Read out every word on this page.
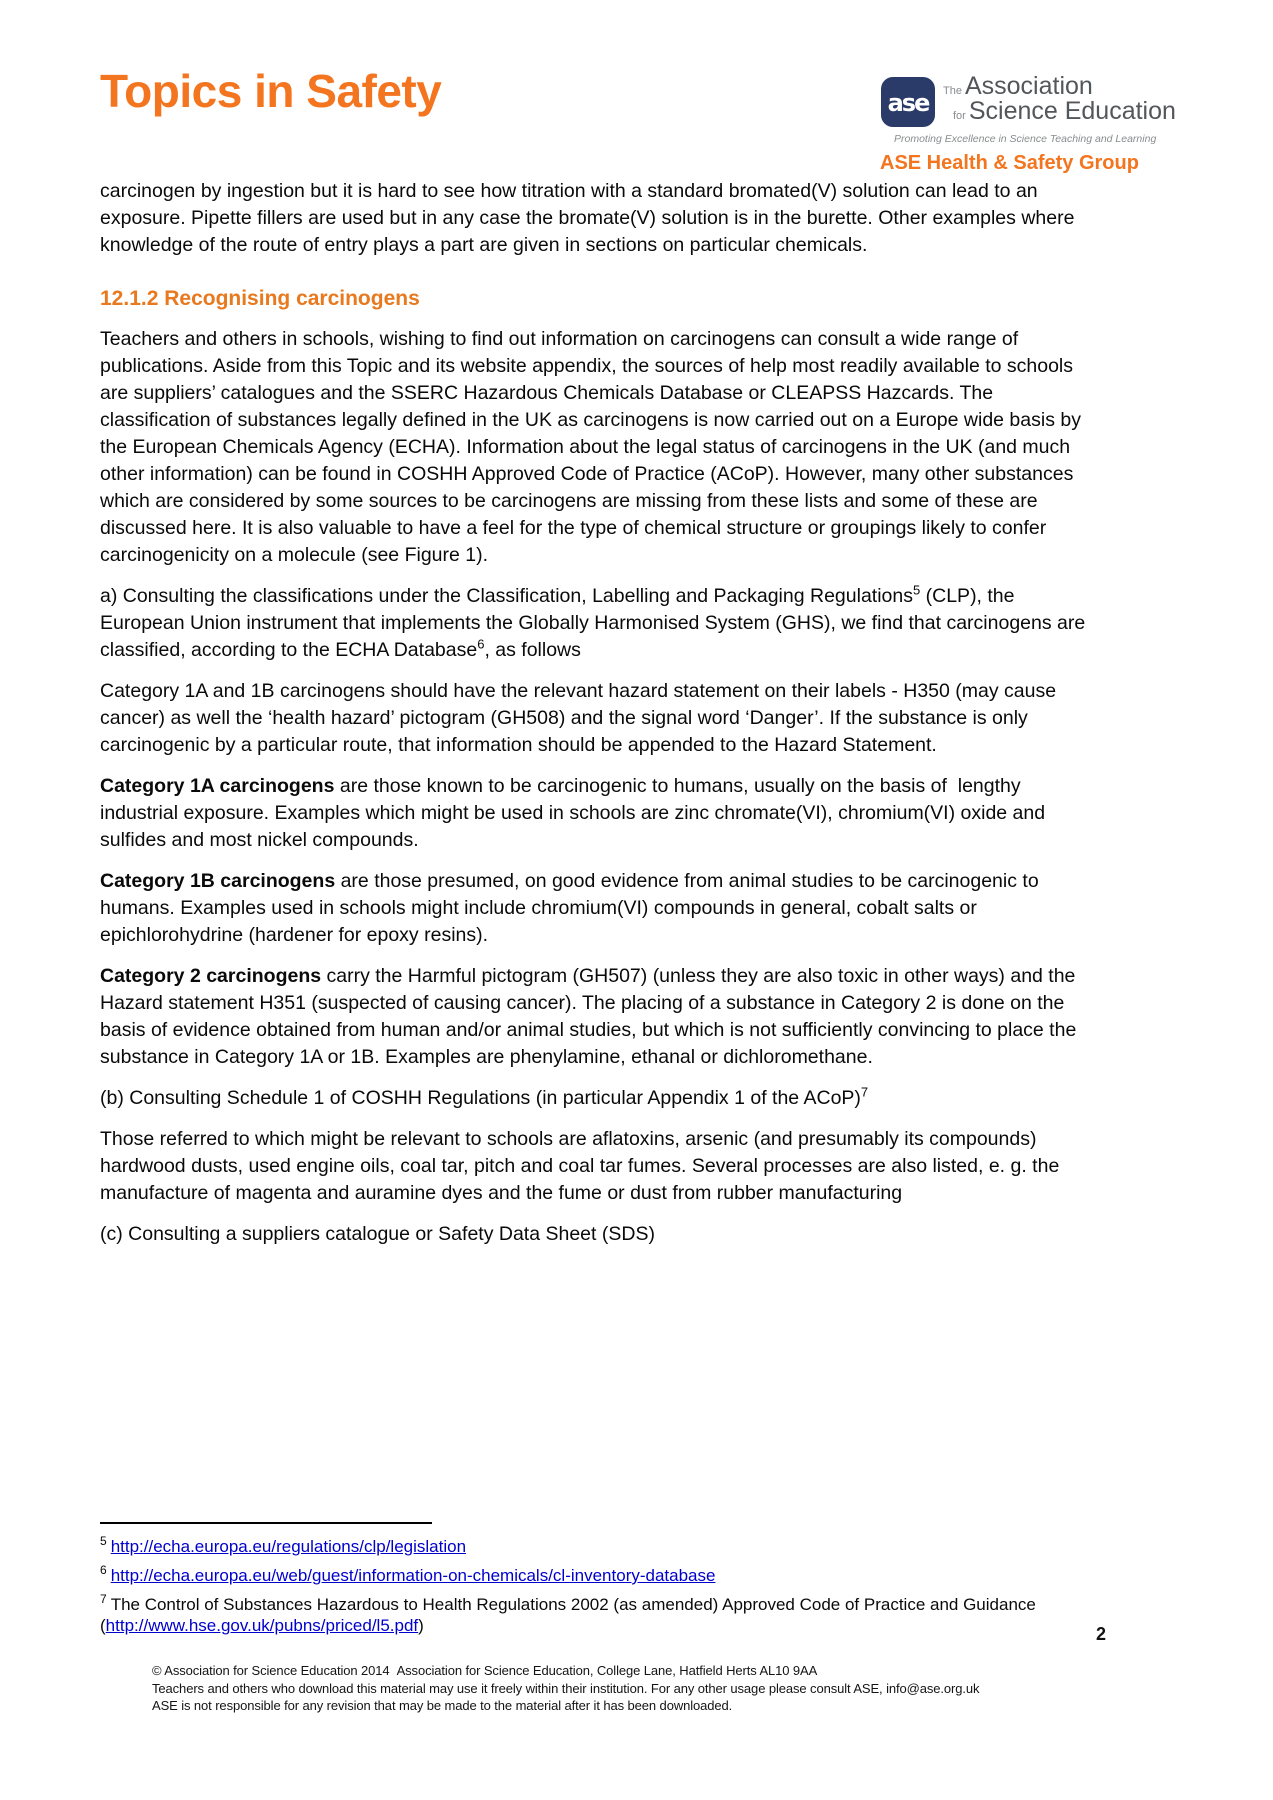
Topics in Safety	ase The Association
for Science Education
Promoting Excellence in Science Teaching and Learning
ASE Health & Safety Group

carcinogen by ingestion but it is hard to see how titration with a standard bromated(V) solution can lead to an exposure. Pipette fillers are used but in any case the bromate(V) solution is in the burette. Other examples where knowledge of the route of entry plays a part are given in sections on particular chemicals.

12.1.2 Recognising carcinogens

Teachers and others in schools, wishing to find out information on carcinogens can consult a wide range of publications. Aside from this Topic and its website appendix, the sources of help most readily available to schools are suppliers’ catalogues and the SSERC Hazardous Chemicals Database or CLEAPSS Hazcards. The classification of substances legally defined in the UK as carcinogens is now carried out on a Europe wide basis by the European Chemicals Agency (ECHA). Information about the legal status of carcinogens in the UK (and much other information) can be found in COSHH Approved Code of Practice (ACoP). However, many other substances which are considered by some sources to be carcinogens are missing from these lists and some of these are discussed here. It is also valuable to have a feel for the type of chemical structure or groupings likely to confer carcinogenicity on a molecule (see Figure 1).

a) Consulting the classifications under the Classification, Labelling and Packaging Regulations$^5$ (CLP), the European Union instrument that implements the Globally Harmonised System (GHS), we find that carcinogens are classified, according to the ECHA Database$^6$, as follows

Category 1A and 1B carcinogens should have the relevant hazard statement on their labels - H350 (may cause cancer) as well the ‘health hazard’ pictogram (GH508) and the signal word ‘Danger’. If the substance is only carcinogenic by a particular route, that information should be appended to the Hazard Statement.

Category 1A carcinogens are those known to be carcinogenic to humans, usually on the basis of  lengthy industrial exposure. Examples which might be used in schools are zinc chromate(VI), chromium(VI) oxide and sulfides and most nickel compounds.

Category 1B carcinogens are those presumed, on good evidence from animal studies to be carcinogenic to humans. Examples used in schools might include chromium(VI) compounds in general, cobalt salts or epichlorohydrine (hardener for epoxy resins).

Category 2 carcinogens carry the Harmful pictogram (GH507) (unless they are also toxic in other ways) and the Hazard statement H351 (suspected of causing cancer). The placing of a substance in Category 2 is done on the basis of evidence obtained from human and/or animal studies, but which is not sufficiently convincing to place the substance in Category 1A or 1B. Examples are phenylamine, ethanal or dichloromethane.

(b) Consulting Schedule 1 of COSHH Regulations (in particular Appendix 1 of the ACoP)$^7$

Those referred to which might be relevant to schools are aflatoxins, arsenic (and presumably its compounds) hardwood dusts, used engine oils, coal tar, pitch and coal tar fumes. Several processes are also listed, e. g. the manufacture of magenta and auramine dyes and the fume or dust from rubber manufacturing

(c) Consulting a suppliers catalogue or Safety Data Sheet (SDS)

$^5$ http://echa.europa.eu/regulations/clp/legislation
$^6$ http://echa.europa.eu/web/guest/information-on-chemicals/cl-inventory-database
$^7$ The Control of Substances Hazardous to Health Regulations 2002 (as amended) Approved Code of Practice and Guidance (http://www.hse.gov.uk/pubns/priced/l5.pdf)	2
© Association for Science Education 2014  Association for Science Education, College Lane, Hatfield Herts AL10 9AA
Teachers and others who download this material may use it freely within their institution. For any other usage please consult ASE, info@ase.org.uk
ASE is not responsible for any revision that may be made to the material after it has been downloaded.
